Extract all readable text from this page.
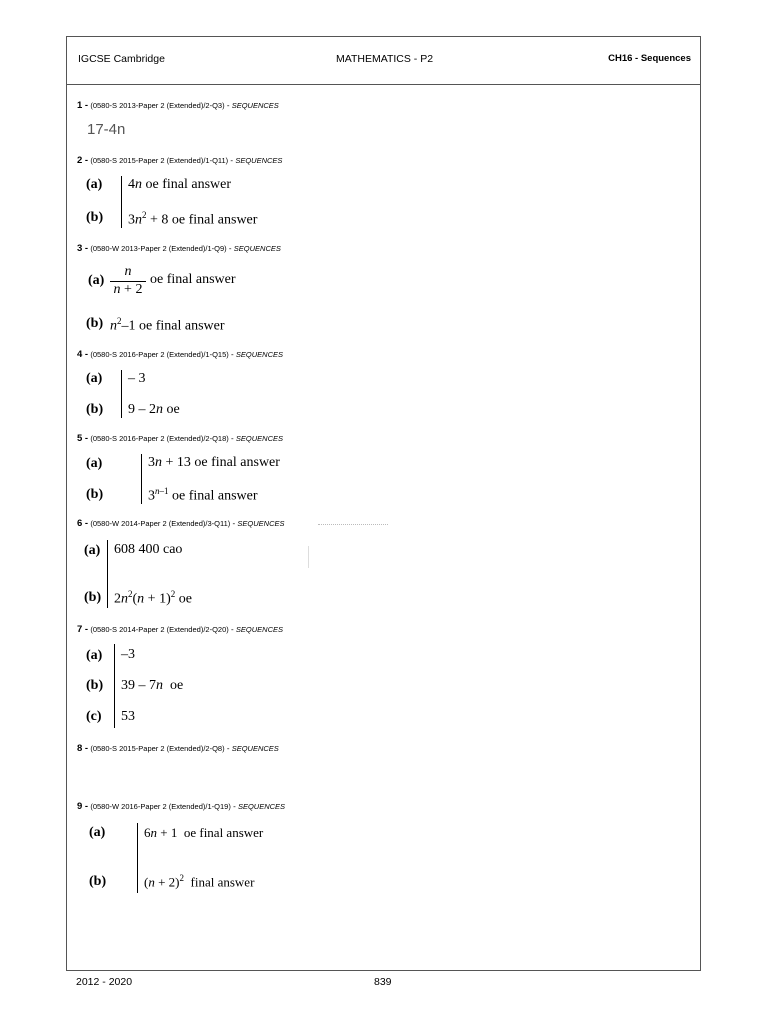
IGCSE Cambridge	MATHEMATICS - P2	CH16 - Sequences
1 - (0580-S 2013-Paper 2 (Extended)/2-Q3) - SEQUENCES
2 - (0580-S 2015-Paper 2 (Extended)/1-Q11) - SEQUENCES
3 - (0580-W 2013-Paper 2 (Extended)/1-Q9) - SEQUENCES
4 - (0580-S 2016-Paper 2 (Extended)/1-Q15) - SEQUENCES
5 - (0580-S 2016-Paper 2 (Extended)/2-Q18) - SEQUENCES
6 - (0580-W 2014-Paper 2 (Extended)/3-Q11) - SEQUENCES
7 - (0580-S 2014-Paper 2 (Extended)/2-Q20) - SEQUENCES
8 - (0580-S 2015-Paper 2 (Extended)/2-Q8) - SEQUENCES
9 - (0580-W 2016-Paper 2 (Extended)/1-Q19) - SEQUENCES
17-4n
(a) 4n oe final answer
(b) $3n^2 + 8$ oe final answer
$(a) \frac{n}{n + 2}$ oe final answer
(b) $n^2-1$ oe final answer
(a) – 3
(b) 9 – 2n oe
(a)	3n + 13 oe final answer
(b)	3$^{n-1}$ oe final answer
(a) 608 400 cao
(b) $2n^2(n + 1)^2$ oe
(a) –3
(b) 39 – 7n oe
(c) 53
(a)	6n + 1  oe final answer
(b)	$(n + 2)^2$ final answer
2012 - 2020	839
